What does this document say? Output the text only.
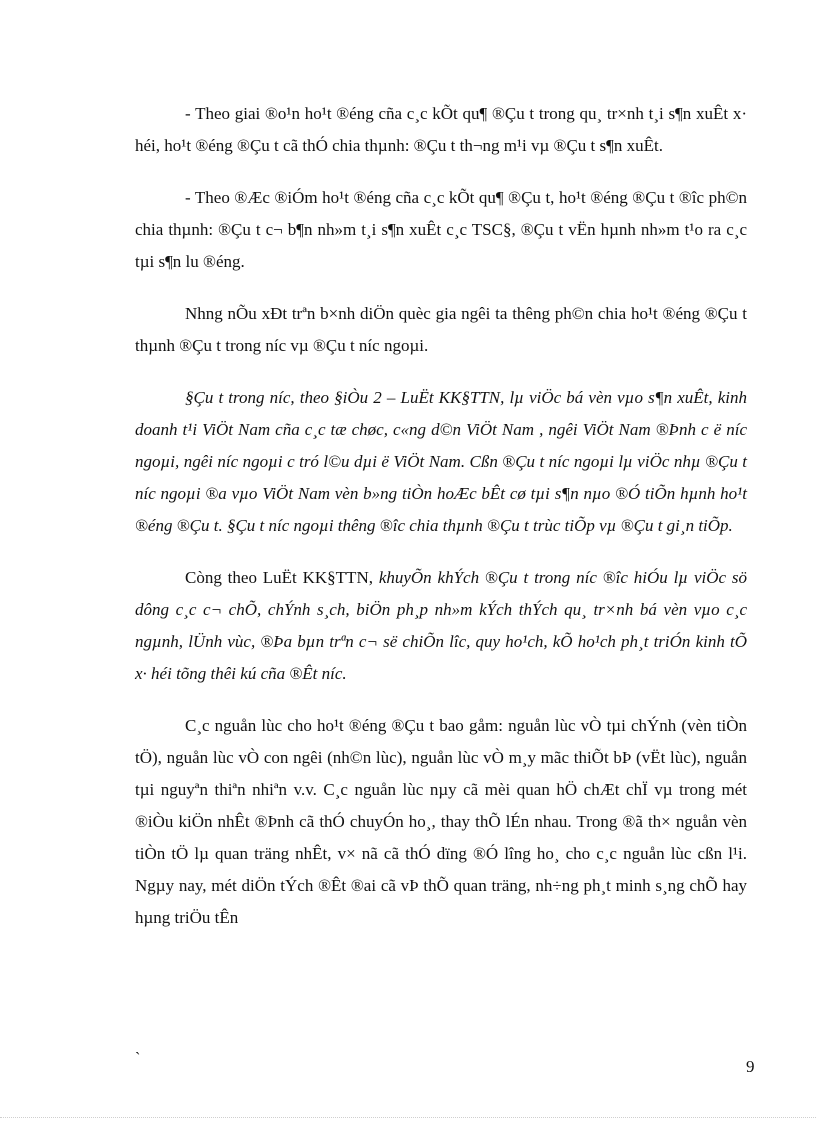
- Theo giai ®o¹n ho¹t ®éng cña c¸c kÕt qu¶ ®Çu t trong qu¸ tr×nh t¸i s¶n xuÊt x· héi, ho¹t ®éng ®Çu t cã thÓ chia thµnh: ®Çu t th¬ng m¹i vµ ®Çu t s¶n xuÊt.

- Theo ®Æc ®iÓm ho¹t ®éng cña c¸c kÕt qu¶ ®Çu t, ho¹t ®éng ®Çu t ®îc ph©n chia thµnh: ®Çu t c¬ b¶n nh»m t¸i s¶n xuÊt c¸c TSC§, ®Çu t vËn hµnh nh»m t¹o ra c¸c tµi s¶n lu ®éng.

Nhng nÕu xÐt trªn b×nh diÖn quèc gia ngêi ta thêng ph©n chia ho¹t ®éng ®Çu t thµnh ®Çu t trong níc vµ ®Çu t níc ngoµi.

§Çu t trong níc, theo §iÒu 2 – LuËt KK§TTN, lµ viÖc bá vèn vµo s¶n xuÊt, kinh doanh t¹i ViÖt Nam cña c¸c tæ chøc, c«ng d©n ViÖt Nam , ngêi ViÖt Nam ®Þnh c ë níc ngoµi, ngêi níc ngoµi c tró l©u dµi ë ViÖt Nam. Cßn ®Çu t níc ngoµi lµ viÖc nhµ ®Çu t níc ngoµi ®a vµo ViÖt Nam vèn b»ng tiÒn hoÆc bÊt cø tµi s¶n nµo ®Ó tiÕn hµnh ho¹t ®éng ®Çu t. §Çu t níc ngoµi thêng ®îc chia thµnh ®Çu t trùc tiÕp vµ ®Çu t gi¸n tiÕp.

Còng theo LuËt KK§TTN, khuyÕn khÝch ®Çu t trong níc ®îc hiÓu lµ viÖc sö dông c¸c c¬ chÕ, chÝnh s¸ch, biÖn ph¸p nh»m kÝch thÝch qu¸ tr×nh bá vèn vµo c¸c ngµnh, lÜnh vùc, ®Þa bµn trªn c¬ së chiÕn lîc, quy ho¹ch, kÕ ho¹ch ph¸t triÓn kinh tÕ x· héi tõng thêi kú cña ®Êt níc.

C¸c nguån lùc cho ho¹t ®éng ®Çu t bao gåm: nguån lùc vÒ tµi chÝnh (vèn tiÒn tÖ), nguån lùc vÒ con ngêi (nh©n lùc), nguån lùc vÒ m¸y mãc thiÕt bÞ (vËt lùc), nguån tµi nguyªn thiªn nhiªn v.v. C¸c nguån lùc nµy cã mèi quan hÖ chÆt chÏ vµ trong mét ®iÒu kiÖn nhÊt ®Þnh cã thÓ chuyÓn ho¸, thay thÕ lÉn nhau. Trong ®ã th× nguån vèn tiÒn tÖ lµ quan träng nhÊt, v× nã cã thÓ dïng ®Ó lîng ho¸ cho c¸c nguån lùc cßn l¹i. Ngµy nay, mét diÖn tÝch ®Êt ®ai cã vÞ thÕ quan träng, nh÷ng ph¸t minh s¸ng chÕ hay hµng triÖu tÊn

`	9
